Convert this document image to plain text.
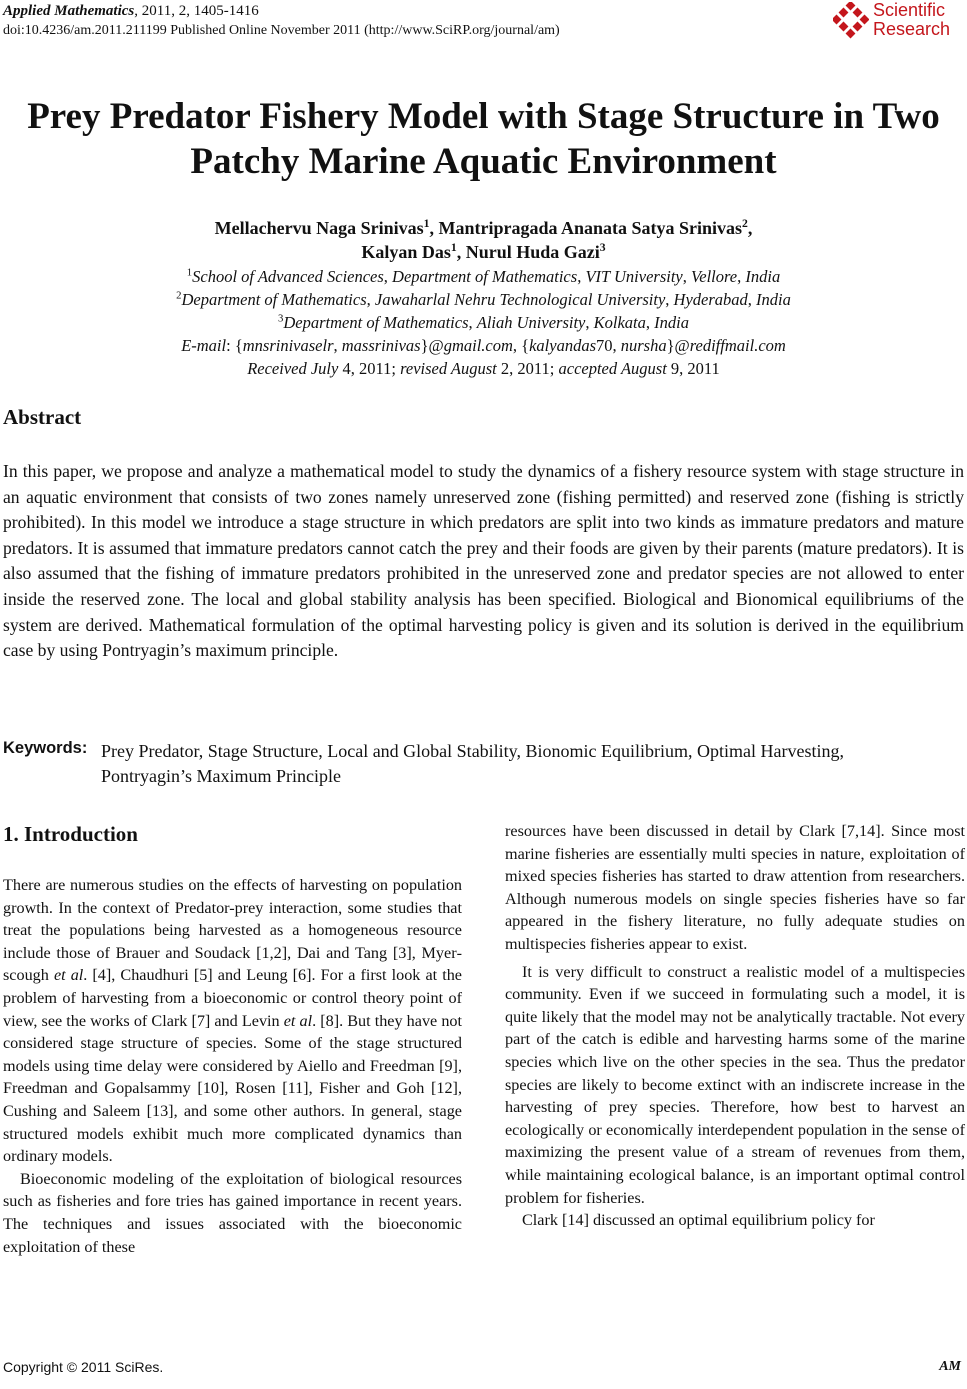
Applied Mathematics, 2011, 2, 1405-1416
doi:10.4236/am.2011.211199 Published Online November 2011 (http://www.SciRP.org/journal/am)
Scientific
Research
Prey Predator Fishery Model with Stage Structure in Two
Patchy Marine Aquatic Environment
Mellachervu Naga Srinivas$^1$, Mantripragada Ananata Satya Srinivas$^2$,
Kalyan Das$^1$, Nurul Huda Gazi$^3$
$^1$School of Advanced Sciences, Department of Mathematics, VIT University, Vellore, India
$^2$Department of Mathematics, Jawaharlal Nehru Technological University, Hyderabad, India
$^3$Department of Mathematics, Aliah University, Kolkata, India
E-mail: {mnsrinivaselr, massrinivas}@gmail.com, {kalyandas70, nursha}@rediffmail.com
Received July 4, 2011; revised August 2, 2011; accepted August 9, 2011
Abstract
In this paper, we propose and analyze a mathematical model to study the dynamics of a fishery resource system with stage structure in an aquatic environment that consists of two zones namely unreserved zone (fishing permitted) and reserved zone (fishing is strictly prohibited). In this model we introduce a stage structure in which predators are split into two kinds as immature predators and mature predators. It is assumed that immature predators cannot catch the prey and their foods are given by their parents (mature predators). It is also assumed that the fishing of immature predators prohibited in the unreserved zone and predator species are not allowed to enter inside the reserved zone. The local and global stability analysis has been specified. Biological and Bionomical equilibriums of the system are derived. Mathematical formulation of the optimal harvesting policy is given and its solution is derived in the equilibrium case by using Pontryagin’s maximum principle.
Keywords: Prey Predator, Stage Structure, Local and Global Stability, Bionomic Equilibrium, Optimal Harvesting, Pontryagin’s Maximum Principle
1. Introduction

There are numerous studies on the effects of harvesting on population growth. In the context of Predator-prey interaction, some studies that treat the populations being harvested as a homogeneous resource include those of Brauer and Soudack [1,2], Dai and Tang [3], Myerscough et al. [4], Chaudhuri [5] and Leung [6]. For a first look at the problem of harvesting from a bioeconomic or control theory point of view, see the works of Clark [7] and Levin et al. [8]. But they have not considered stage structure of species. Some of the stage structured models using time delay were considered by Aiello and Freedman [9], Freedman and Gopalsammy [10], Rosen [11], Fisher and Goh [12], Cushing and Saleem [13], and some other authors. In general, stage structured models exhibit much more complicated dynamics than ordinary models.

Bioeconomic modeling of the exploitation of biological resources such as fisheries and fore tries has gained importance in recent years. The techniques and issues associated with the bioeconomic exploitation of these

resources have been discussed in detail by Clark [7,14]. Since most marine fisheries are essentially multi species in nature, exploitation of mixed species fisheries has started to draw attention from researchers. Although numerous models on single species fisheries have so far appeared in the fishery literature, no fully adequate studies on multispecies fisheries appear to exist.

It is very difficult to construct a realistic model of a multispecies community. Even if we succeed in formulating such a model, it is quite likely that the model may not be analytically tractable. Not every part of the catch is edible and harvesting harms some of the marine species which live on the other species in the sea. Thus the predator species are likely to become extinct with an indiscrete increase in the harvesting of prey species. Therefore, how best to harvest an ecologically or economically interdependent population in the sense of maximizing the present value of a stream of revenues from them, while maintaining ecological balance, is an important optimal control problem for fisheries.

Clark [14] discussed an optimal equilibrium policy for

Copyright © 2011 SciRes.	AM
